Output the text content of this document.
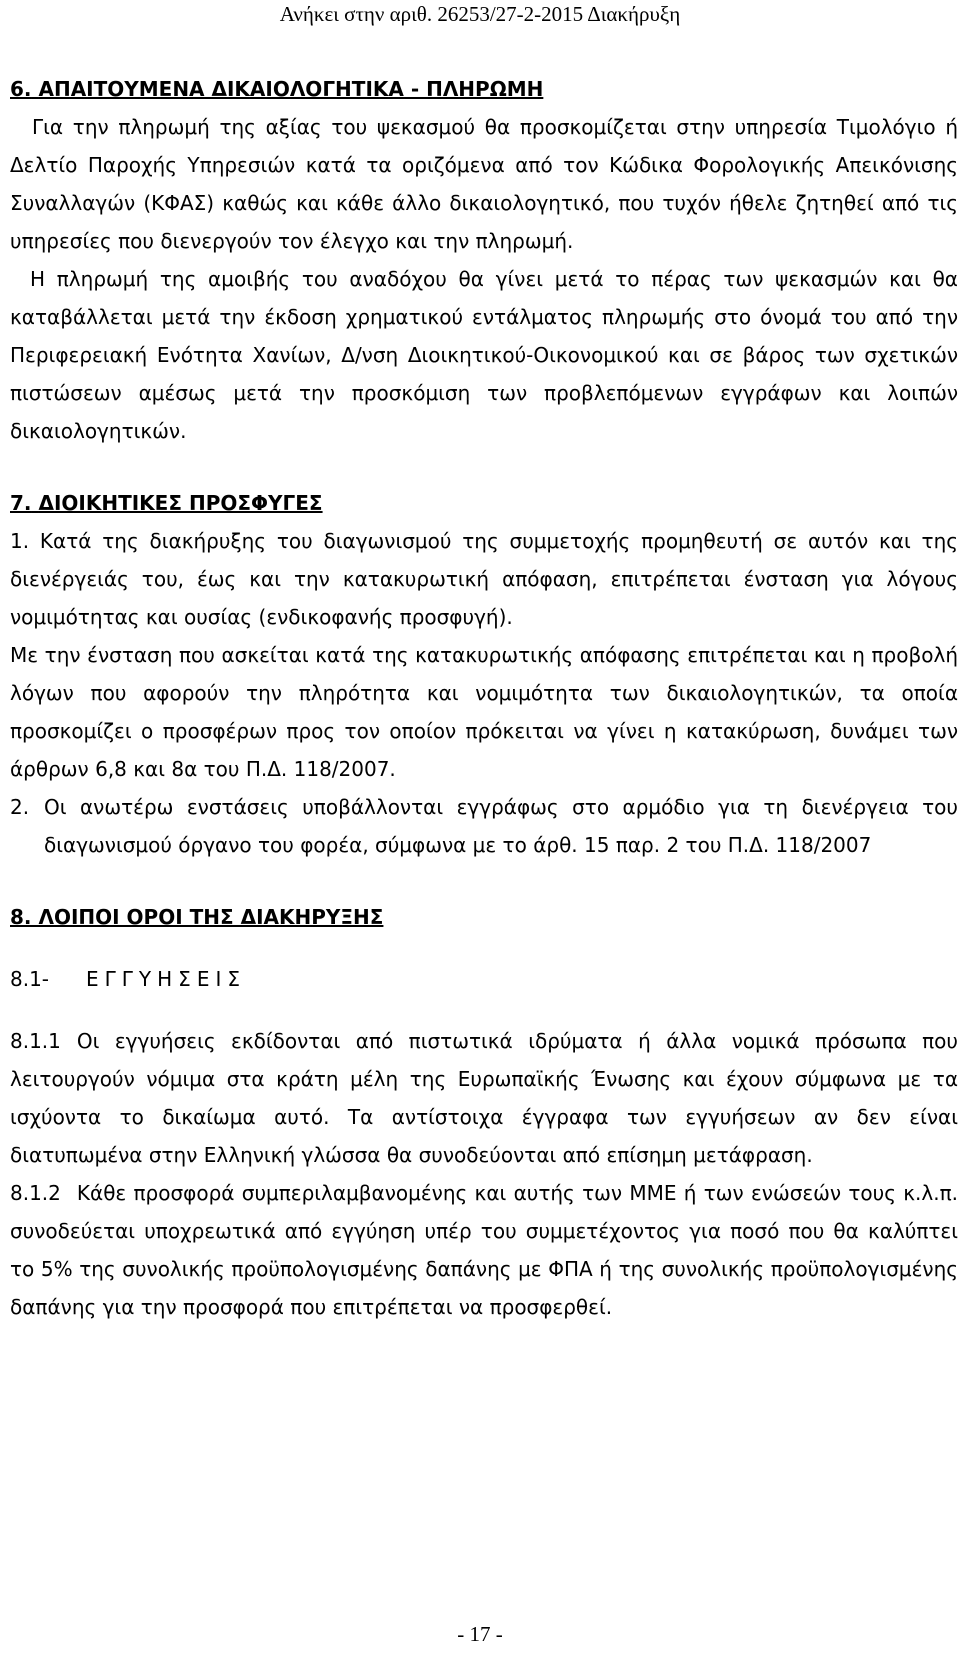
Ανήκει στην αριθ. 26253/27-2-2015 Διακήρυξη

6. ΑΠΑΙΤΟΥΜΕΝΑ ΔΙΚΑΙΟΛΟΓΗΤΙΚΑ - ΠΛΗΡΩΜΗ

Για την πληρωμή της αξίας του ψεκασμού θα προσκομίζεται στην υπηρεσία Τιμολόγιο ή Δελτίο Παροχής Υπηρεσιών κατά τα οριζόμενα από τον Κώδικα Φορολογικής Απεικόνισης Συναλλαγών (ΚΦΑΣ) καθώς και κάθε άλλο δικαιολογητικό, που τυχόν ήθελε ζητηθεί από τις υπηρεσίες που διενεργούν τον έλεγχο και την πληρωμή.

Η πληρωμή της αμοιβής του αναδόχου θα γίνει μετά το πέρας των ψεκασμών και θα καταβάλλεται μετά την έκδοση χρηματικού εντάλματος πληρωμής στο όνομά του από την Περιφερειακή Ενότητα Χανίων, Δ/νση Διοικητικού-Οικονομικού και σε βάρος των σχετικών πιστώσεων αμέσως μετά την προσκόμιση των προβλεπόμενων εγγράφων και λοιπών δικαιολογητικών.

7. ΔΙΟΙΚΗΤΙΚΕΣ ΠΡΟΣΦΥΓΕΣ

1. Κατά της διακήρυξης του διαγωνισμού της συμμετοχής προμηθευτή σε αυτόν και της διενέργειάς του, έως και την κατακυρωτική απόφαση, επιτρέπεται ένσταση για λόγους νομιμότητας και ουσίας (ενδικοφανής προσφυγή).

Με την ένσταση που ασκείται κατά της κατακυρωτικής απόφασης επιτρέπεται και η προβολή λόγων που αφορούν την πληρότητα και νομιμότητα των δικαιολογητικών, τα οποία προσκομίζει ο προσφέρων προς τον οποίον πρόκειται να γίνει η κατακύρωση, δυνάμει των άρθρων 6,8 και 8α του Π.Δ. 118/2007.

2. Οι ανωτέρω ενστάσεις υποβάλλονται εγγράφως στο αρμόδιο για τη διενέργεια του διαγωνισμού όργανο του φορέα, σύμφωνα με το άρθ. 15 παρ. 2 του Π.Δ. 118/2007

8. ΛΟΙΠΟΙ ΟΡΟΙ ΤΗΣ ΔΙΑΚΗΡΥΞΗΣ

8.1-	ΕΓΓΥΗΣΕΙΣ

8.1.1 Οι εγγυήσεις εκδίδονται από πιστωτικά ιδρύματα ή άλλα νομικά πρόσωπα που λειτουργούν νόμιμα στα κράτη μέλη της Ευρωπαϊκής Ένωσης και έχουν σύμφωνα με τα ισχύοντα το δικαίωμα αυτό. Τα αντίστοιχα έγγραφα των εγγυήσεων αν δεν είναι διατυπωμένα στην Ελληνική γλώσσα θα συνοδεύονται από επίσημη μετάφραση.

8.1.2 Κάθε προσφορά συμπεριλαμβανομένης και αυτής των ΜΜΕ ή των ενώσεών τους κ.λ.π. συνοδεύεται υποχρεωτικά από εγγύηση υπέρ του συμμετέχοντος για ποσό που θα καλύπτει το 5% της συνολικής προϋπολογισμένης δαπάνης με ΦΠΑ ή της συνολικής προϋπολογισμένης δαπάνης για την προσφορά που επιτρέπεται να προσφερθεί.

- 17 -
